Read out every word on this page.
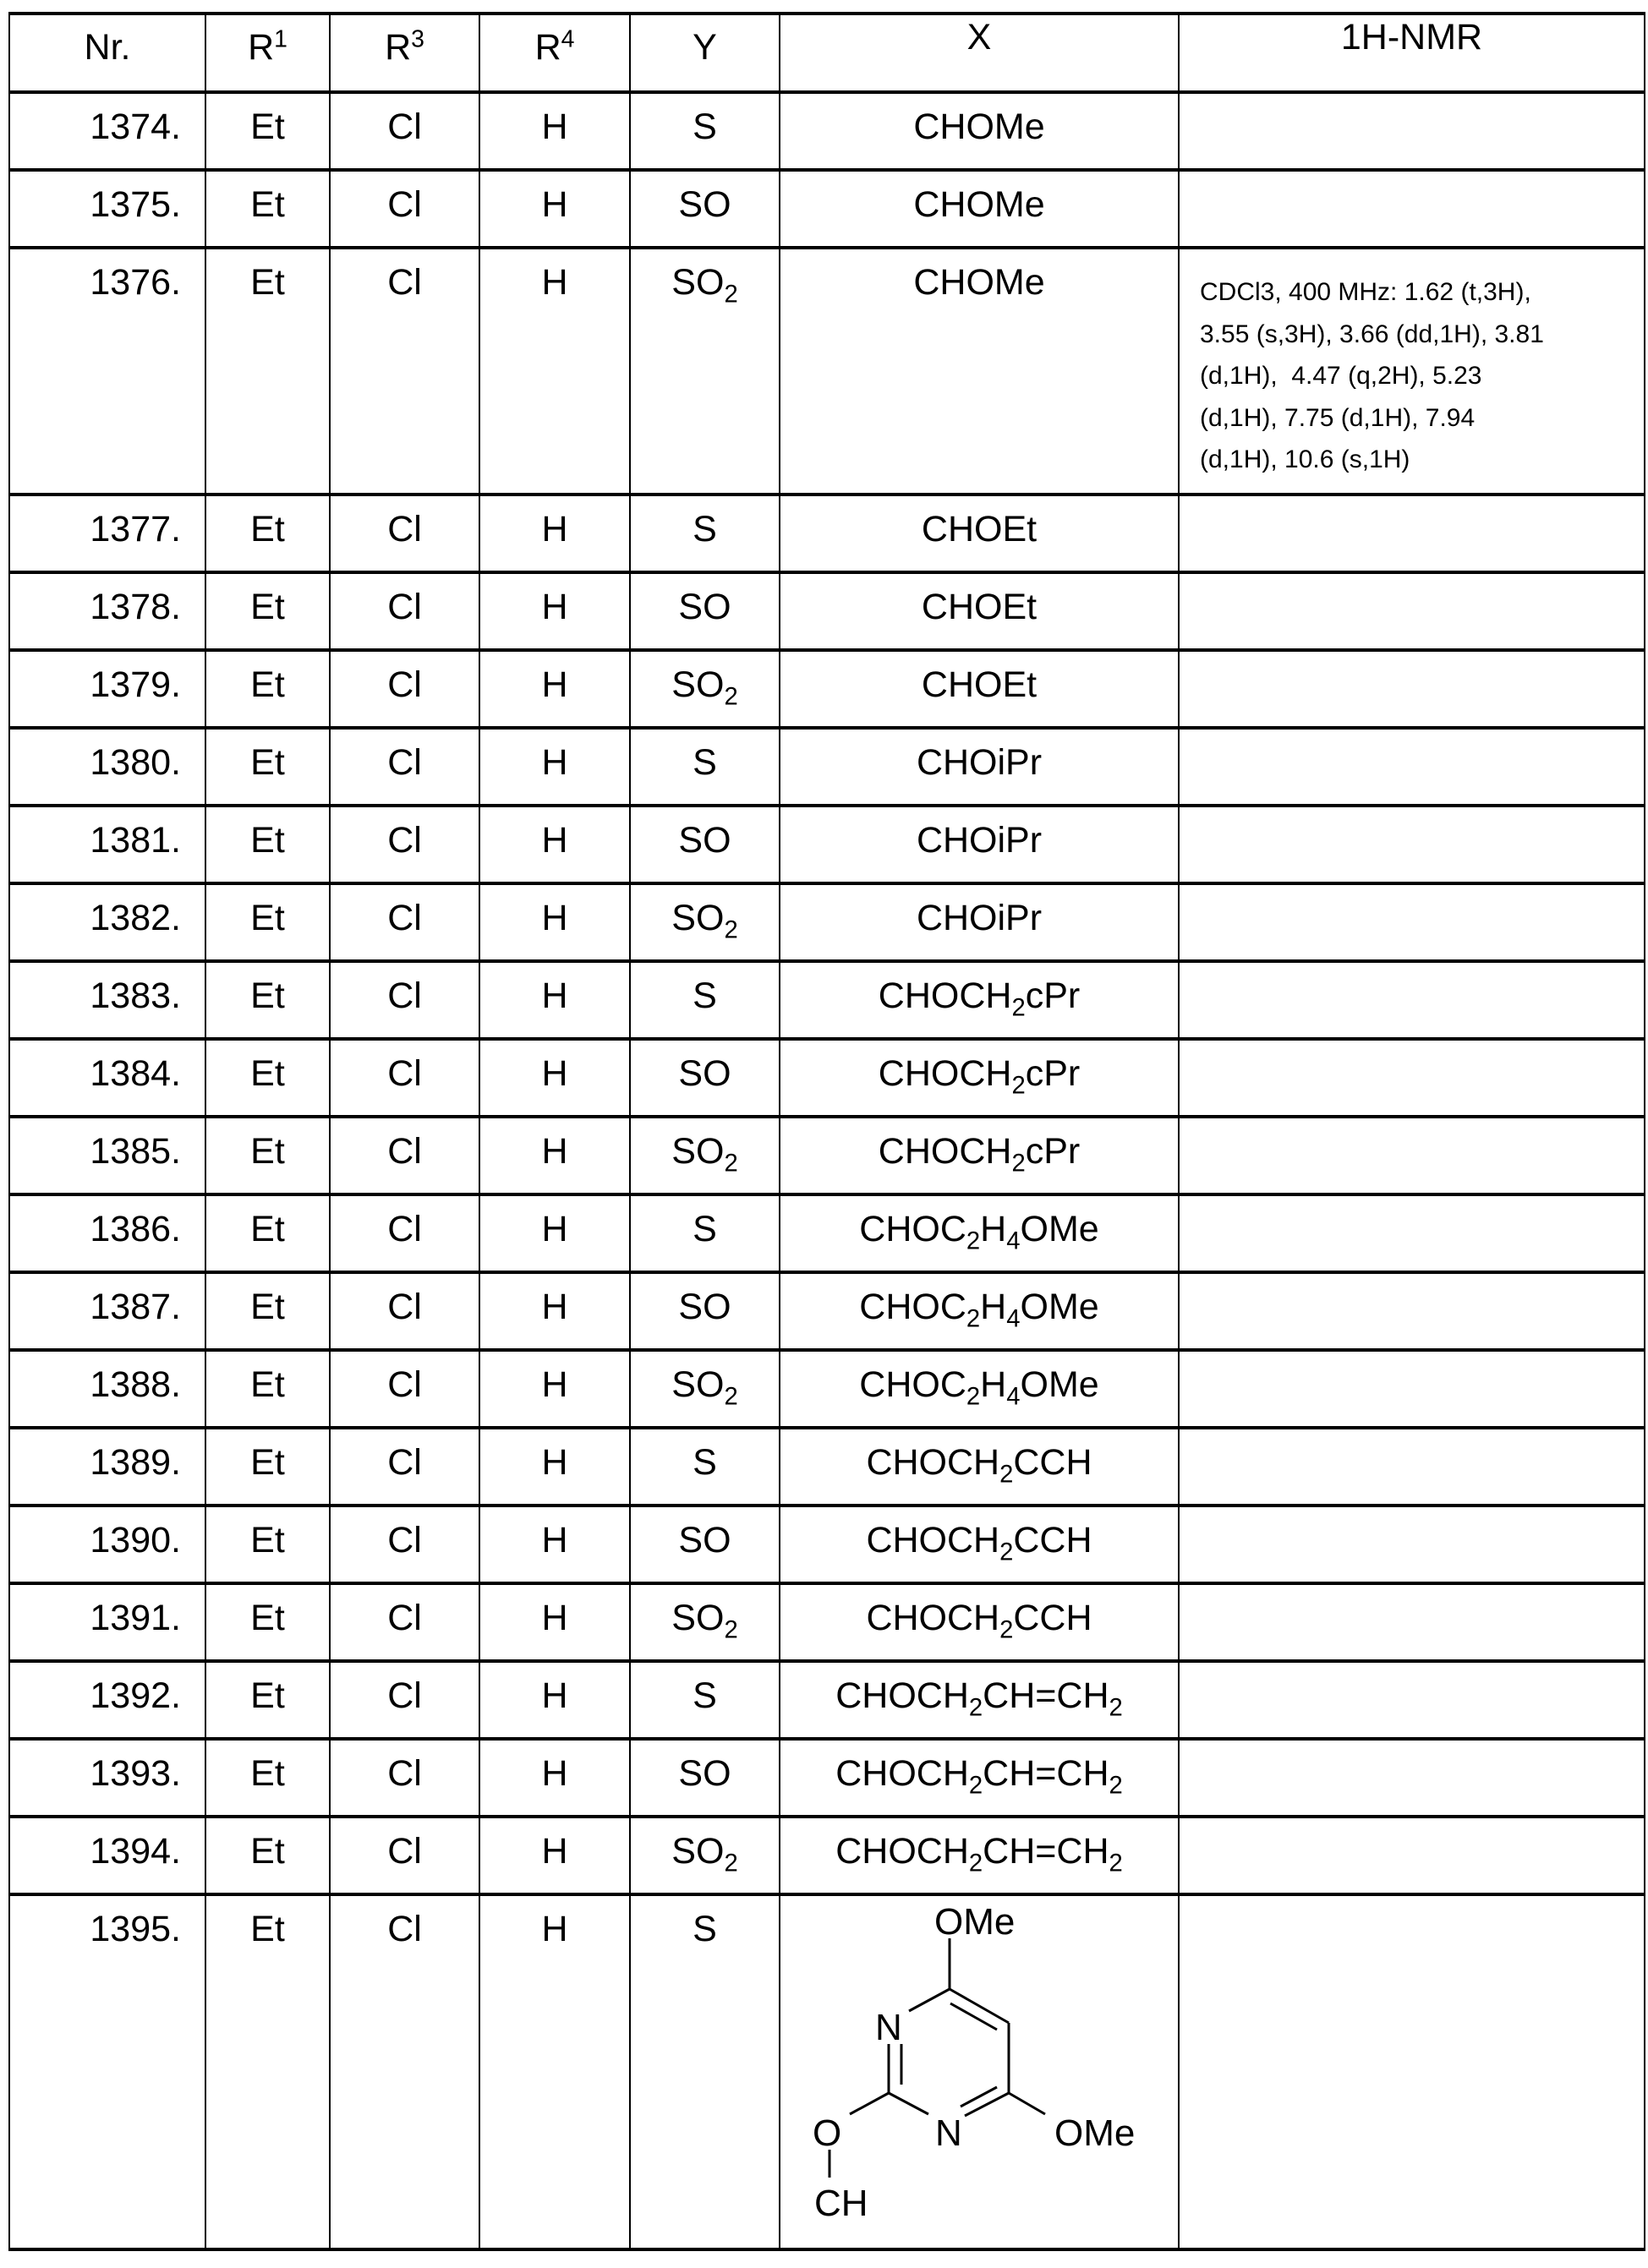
Nr.	$R^1$	$R^3$	$R^4$	Y	X	1H-NMR
1374.	Et	Cl	H	S	CHOMe
1375.	Et	Cl	H	SO	CHOMe
1376.	Et	Cl	H	$SO_2$	CHOMe	CDCl3, 400 MHz: 1.62 (t,3H),
3.55 (s,3H), 3.66 (dd,1H), 3.81
(d,1H),  4.47 (q,2H), 5.23
(d,1H), 7.75 (d,1H), 7.94
(d,1H), 10.6 (s,1H)
1377.	Et	Cl	H	S	CHOEt
1378.	Et	Cl	H	SO	CHOEt
1379.	Et	Cl	H	$SO_2$	CHOEt
1380.	Et	Cl	H	S	CHOiPr
1381.	Et	Cl	H	SO	CHOiPr
1382.	Et	Cl	H	$SO_2$	CHOiPr
1383.	Et	Cl	H	S	$CHOCH_2cPr$
1384.	Et	Cl	H	SO	$CHOCH_2cPr$
1385.	Et	Cl	H	$SO_2$	$CHOCH_2cPr$
1386.	Et	Cl	H	S	$CHOC_2H_4OMe$
1387.	Et	Cl	H	SO	$CHOC_2H_4OMe$
1388.	Et	Cl	H	$SO_2$	$CHOC_2H_4OMe$
1389.	Et	Cl	H	S	$CHOCH_2CCH$
1390.	Et	Cl	H	SO	$CHOCH_2CCH$
1391.	Et	Cl	H	$SO_2$	$CHOCH_2CCH$
1392.	Et	Cl	H	S	$CHOCH_2CH=CH_2$
1393.	Et	Cl	H	SO	$CHOCH_2CH=CH_2$
1394.	Et	Cl	H	$SO_2$	$CHOCH_2CH=CH_2$
1395.	Et	Cl	H	S	OMe
N
N
O	OMe
CH
